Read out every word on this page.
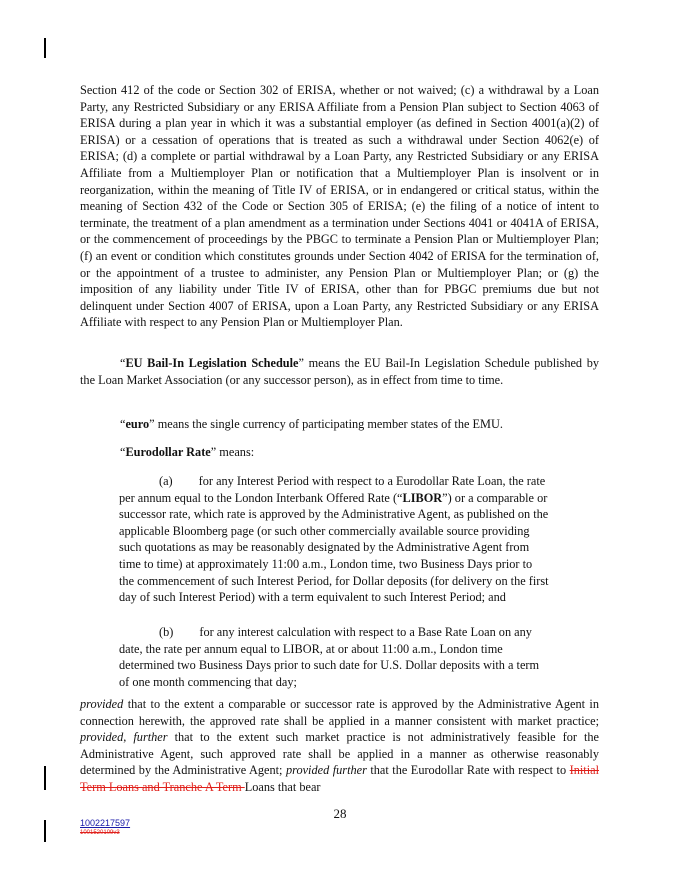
Section 412 of the code or Section 302 of ERISA, whether or not waived; (c) a withdrawal by a Loan Party, any Restricted Subsidiary or any ERISA Affiliate from a Pension Plan subject to Section 4063 of ERISA during a plan year in which it was a substantial employer (as defined in Section 4001(a)(2) of ERISA) or a cessation of operations that is treated as such a withdrawal under Section 4062(e) of ERISA; (d) a complete or partial withdrawal by a Loan Party, any Restricted Subsidiary or any ERISA Affiliate from a Multiemployer Plan or notification that a Multiemployer Plan is insolvent or in reorganization, within the meaning of Title IV of ERISA, or in endangered or critical status, within the meaning of Section 432 of the Code or Section 305 of ERISA; (e) the filing of a notice of intent to terminate, the treatment of a plan amendment as a termination under Sections 4041 or 4041A of ERISA, or the commencement of proceedings by the PBGC to terminate a Pension Plan or Multiemployer Plan; (f) an event or condition which constitutes grounds under Section 4042 of ERISA for the termination of, or the appointment of a trustee to administer, any Pension Plan or Multiemployer Plan; or (g) the imposition of any liability under Title IV of ERISA, other than for PBGC premiums due but not delinquent under Section 4007 of ERISA, upon a Loan Party, any Restricted Subsidiary or any ERISA Affiliate with respect to any Pension Plan or Multiemployer Plan.

“EU Bail-In Legislation Schedule” means the EU Bail-In Legislation Schedule published by the Loan Market Association (or any successor person), as in effect from time to time.

“euro” means the single currency of participating member states of the EMU.

“Eurodollar Rate” means:

(a) for any Interest Period with respect to a Eurodollar Rate Loan, the rate per annum equal to the London Interbank Offered Rate (“LIBOR”) or a comparable or successor rate, which rate is approved by the Administrative Agent, as published on the applicable Bloomberg page (or such other commercially available source providing such quotations as may be reasonably designated by the Administrative Agent from time to time) at approximately 11:00 a.m., London time, two Business Days prior to the commencement of such Interest Period, for Dollar deposits (for delivery on the first day of such Interest Period) with a term equivalent to such Interest Period; and

(b) for any interest calculation with respect to a Base Rate Loan on any date, the rate per annum equal to LIBOR, at or about 11:00 a.m., London time determined two Business Days prior to such date for U.S. Dollar deposits with a term of one month commencing that day;

provided that to the extent a comparable or successor rate is approved by the Administrative Agent in connection herewith, the approved rate shall be applied in a manner consistent with market practice; provided, further that to the extent such market practice is not administratively feasible for the Administrative Agent, such approved rate shall be applied in a manner as otherwise reasonably determined by the Administrative Agent; provided further that the Eurodollar Rate with respect to Initial Term Loans and Tranche A Term Loans that bear

28
1002217597
1001520109v3
